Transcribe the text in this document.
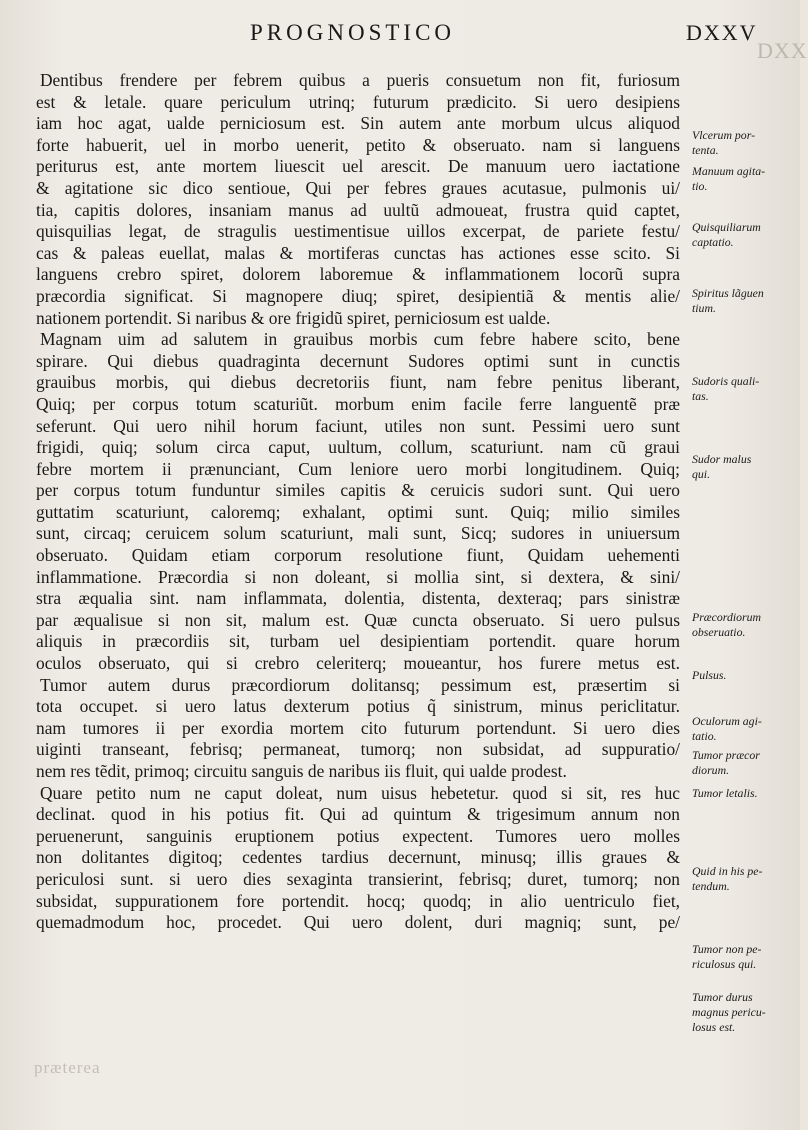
PROGNOSTICO	DXXV
DXX
Dentibus frendere per febrem quibus a pueris consuetum non fit, furiosum
est & letale. quare periculum utrinq; futurum prædicito. Si uero desipiens
iam hoc agat, ualde perniciosum est. Sin autem ante morbum ulcus aliquod
forte habuerit, uel in morbo uenerit, petito & obseruato. nam si languens
periturus est, ante mortem liuescit uel arescit. De manuum uero iactatione
& agitatione sic dico sentioue, Qui per febres graues acutasue, pulmonis ui/
tia, capitis dolores, insaniam manus ad uultũ admoueat, frustra quid captet,
quisquilias legat, de stragulis uestimentisue uillos excerpat, de pariete festu/
cas & paleas euellat, malas & mortiferas cunctas has actiones esse scito. Si
languens crebro spiret, dolorem laboremue & inflammationem locorũ supra
præcordia significat. Si magnopere diuq; spiret, desipientiã & mentis alie/
nationem portendit. Si naribus & ore frigidũ spiret, perniciosum est ualde.
Magnam uim ad salutem in grauibus morbis cum febre habere scito, bene
spirare. Qui diebus quadraginta decernunt Sudores optimi sunt in cunctis
grauibus morbis, qui diebus decretoriis fiunt, nam febre penitus liberant,
Quiq; per corpus totum scaturiũt. morbum enim facile ferre languentẽ præ
seferunt. Qui uero nihil horum faciunt, utiles non sunt. Pessimi uero sunt
frigidi, quiq; solum circa caput, uultum, collum, scaturiunt. nam cũ graui
febre mortem ii prænunciant, Cum leniore uero morbi longitudinem. Quiq;
per corpus totum funduntur similes capitis & ceruicis sudori sunt. Qui uero
guttatim scaturiunt, caloremq; exhalant, optimi sunt. Quiq; milio similes
sunt, circaq; ceruicem solum scaturiunt, mali sunt, Sicq; sudores in uniuersum
obseruato. Quidam etiam corporum resolutione fiunt, Quidam uehementi
inflammatione. Præcordia si non doleant, si mollia sint, si dextera, & sini/
stra æqualia sint. nam inflammata, dolentia, distenta, dexteraq; pars sinistræ
par æqualisue si non sit, malum est. Quæ cuncta obseruato. Si uero pulsus
aliquis in præcordiis sit, turbam uel desipientiam portendit. quare horum
oculos obseruato, qui si crebro celeriterq; moueantur, hos furere metus est.
Tumor autem durus præcordiorum dolitansq; pessimum est, præsertim si
tota occupet. si uero latus dexterum potius q̃ sinistrum, minus periclitatur.
nam tumores ii per exordia mortem cito futurum portendunt. Si uero dies
uiginti transeant, febrisq; permaneat, tumorq; non subsidat, ad suppuratio/
nem res tẽdit, primoq; circuitu sanguis de naribus iis fluit, qui ualde prodest.
Quare petito num ne caput doleat, num uisus hebetetur. quod si sit, res huc
declinat. quod in his potius fit. Qui ad quintum & trigesimum annum non
peruenerunt, sanguinis eruptionem potius expectent. Tumores uero molles
non dolitantes digitoq; cedentes tardius decernunt, minusq; illis graues &
periculosi sunt. si uero dies sexaginta transierint, febrisq; duret, tumorq; non
subsidat, suppurationem fore portendit. hocq; quodq; in alio uentriculo fiet,
quemadmodum hoc, procedet. Qui uero dolent, duri magniq; sunt, pe/
Vlcerum por-
tenta.
Manuum agita-
tio.
Quisquiliarum
captatio.
Spiritus lãguen
tium.
Sudoris quali-
tas.
Sudor malus
qui.
Præcordiorum
obseruatio.
Pulsus.
Oculorum agi-
tatio.
Tumor præcor
diorum.
Tumor letalis.
Quid in his pe-
tendum.
Tumor non pe-
riculosus qui.
Tumor durus
magnus pericu-
losus est.
præterea
